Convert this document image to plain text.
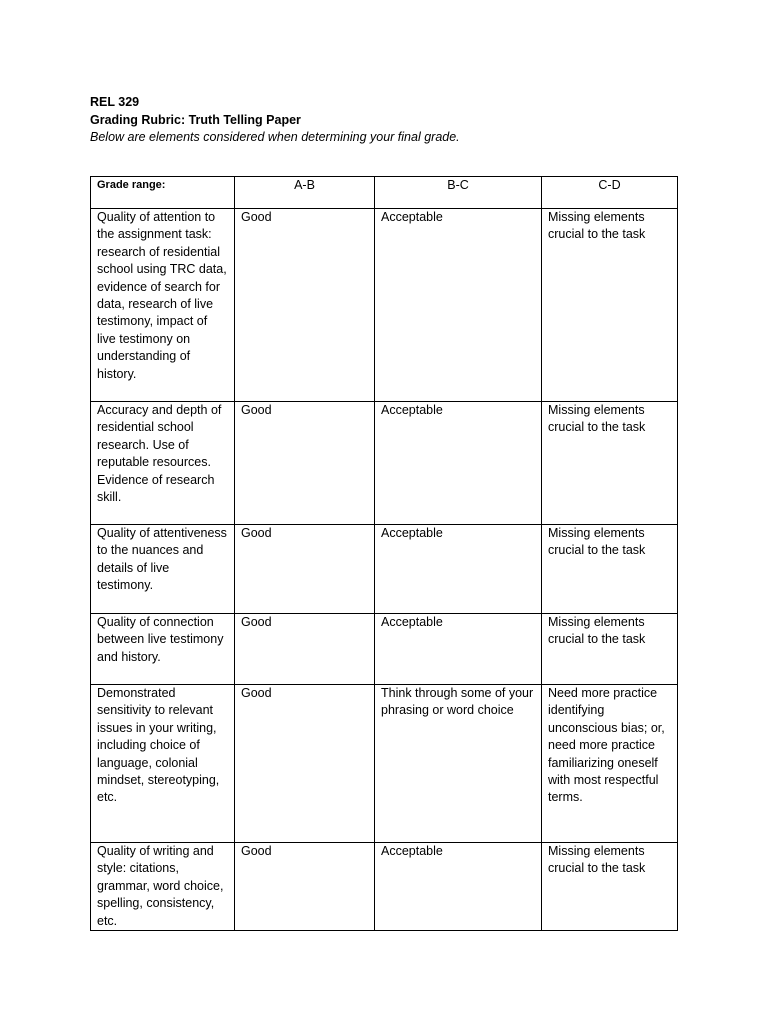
REL 329
Grading Rubric: Truth Telling Paper
Below are elements considered when determining your final grade.
Grade range:	A-B	B-C	C-D

Quality of attention to the assignment task: research of residential school using TRC data, evidence of search for data, research of live testimony, impact of live testimony on understanding of history.	Good	Acceptable	Missing elements crucial to the task

Accuracy and depth of residential school research. Use of reputable resources. Evidence of research skill.	Good	Acceptable	Missing elements crucial to the task

Quality of attentiveness to the nuances and details of live testimony.	Good	Acceptable	Missing elements crucial to the task

Quality of connection between live testimony and history.	Good	Acceptable	Missing elements crucial to the task

Demonstrated sensitivity to relevant issues in your writing, including choice of language, colonial mindset, stereotyping, etc.	Good	Think through some of your phrasing or word choice	Need more practice identifying unconscious bias; or, need more practice familiarizing oneself with most respectful terms.

Quality of writing and style: citations, grammar, word choice, spelling, consistency, etc.	Good	Acceptable	Missing elements crucial to the task
